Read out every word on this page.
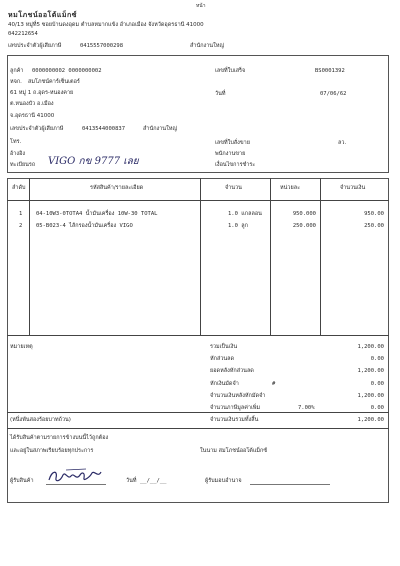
หน้า
หมโภชน์ออโต้แม็กซ์
40/13 หมู่ที่5 ซอยบ้านดงอุดม ตำบลหมากแข้ง อำเภอเมือง จังหวัดอุดรธานี 41000
042212654
เลขประจำตัวผู้เสียภาษี	0415557000298	สำนักงานใหญ่
ลูกค้า 0000000002 0000000002
หจก. สมโภชน์คาร์เซ็นเตอร์
61 หมู่ 1 ถ.อุดร-หนองคาย
ต.หนองบัว อ.เมือง
จ.อุดรธานี 41000
เลขประจำตัวผู้เสียภาษี	0413544000837	สำนักงานใหญ่
โทร.
อ้างอิง
ทะเบียนรถ VIGO กข 9777 เลย
เลขที่ใบเสร็จ	BS0001392
วันที่	07/06/62
เลขที่ใบสั่งขาย	ลว.
พนักงานขาย
เงื่อนไขการชำระ
ลำดับ	รหัสสินค้า/รายละเอียด	จำนวน	หน่วยละ	จำนวนเงิน
1 04-10W3-0TOTA4 น้ำมันเครื่อง 10W-30 TOTAL	1.0 แกลลอน	950.000	950.00
2 05-B023-4 ไส้กรองน้ำมันเครื่อง VIGO	1.0 ลูก	250.000	250.00
หมายเหตุ	รวมเป็นเงิน	1,200.00
หักส่วนลด	0.00
ยอดหลังหักส่วนลด	1,200.00
หักเงินมัดจำ	#	0.00
จำนวนเงินหลังหักมัดจำ	1,200.00
จำนวนภาษีมูลค่าเพิ่ม	7.00%	0.00
(หนึ่งพันสองร้อยบาทถ้วน)	จำนวนเงินรวมทั้งสิ้น	1,200.00
ได้รับสินค้าตามรายการข้างบนนี้ไว้ถูกต้อง
และอยู่ในสภาพเรียบร้อยทุกประการ	ในนาม สมโภชน์ออโต้แม็กซ์
ผู้รับสินค้า	วันที่ __/__/__	ผู้รับมอบอำนาจ
